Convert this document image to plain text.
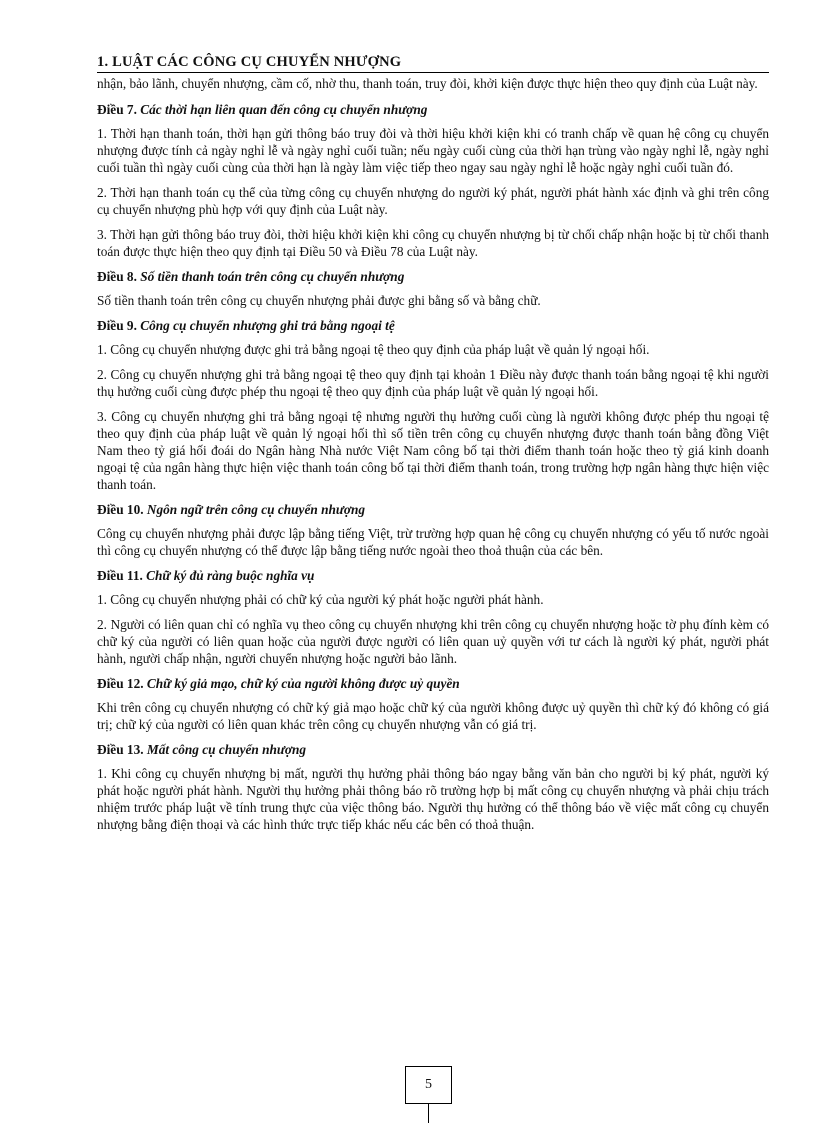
1. LUẬT CÁC CÔNG CỤ CHUYỂN NHƯỢNG

nhận, bảo lãnh, chuyển nhượng, cầm cố, nhờ thu, thanh toán, truy đòi, khởi kiện được thực hiện theo quy định của Luật này.

Điều 7. Các thời hạn liên quan đến công cụ chuyển nhượng

1. Thời hạn thanh toán, thời hạn gửi thông báo truy đòi và thời hiệu khởi kiện khi có tranh chấp về quan hệ công cụ chuyển nhượng được tính cả ngày nghỉ lễ và ngày nghỉ cuối tuần; nếu ngày cuối cùng của thời hạn trùng vào ngày nghỉ lễ, ngày nghỉ cuối tuần thì ngày cuối cùng của thời hạn là ngày làm việc tiếp theo ngay sau ngày nghỉ lễ hoặc ngày nghỉ cuối tuần đó.

2. Thời hạn thanh toán cụ thể của từng công cụ chuyển nhượng do người ký phát, người phát hành xác định và ghi trên công cụ chuyển nhượng phù hợp với quy định của Luật này.

3. Thời hạn gửi thông báo truy đòi, thời hiệu khởi kiện khi công cụ chuyển nhượng bị từ chối chấp nhận hoặc bị từ chối thanh toán được thực hiện theo quy định tại Điều 50 và Điều 78 của Luật này.

Điều 8. Số tiền thanh toán trên công cụ chuyển nhượng

Số tiền thanh toán trên công cụ chuyển nhượng phải được ghi bằng số và bằng chữ.

Điều 9. Công cụ chuyển nhượng ghi trả bằng ngoại tệ

1. Công cụ chuyển nhượng được ghi trả bằng ngoại tệ theo quy định của pháp luật về quản lý ngoại hối.

2. Công cụ chuyển nhượng ghi trả bằng ngoại tệ theo quy định tại khoản 1 Điều này được thanh toán bằng ngoại tệ khi người thụ hưởng cuối cùng được phép thu ngoại tệ theo quy định của pháp luật về quản lý ngoại hối.

3. Công cụ chuyển nhượng ghi trả bằng ngoại tệ nhưng người thụ hưởng cuối cùng là người không được phép thu ngoại tệ theo quy định của pháp luật về quản lý ngoại hối thì số tiền trên công cụ chuyển nhượng được thanh toán bằng đồng Việt Nam theo tỷ giá hối đoái do Ngân hàng Nhà nước Việt Nam công bố tại thời điểm thanh toán hoặc theo tỷ giá kinh doanh ngoại tệ của ngân hàng thực hiện việc thanh toán công bố tại thời điểm thanh toán, trong trường hợp ngân hàng thực hiện việc thanh toán.

Điều 10. Ngôn ngữ trên công cụ chuyển nhượng

Công cụ chuyển nhượng phải được lập bằng tiếng Việt, trừ trường hợp quan hệ công cụ chuyển nhượng có yếu tố nước ngoài thì công cụ chuyển nhượng có thể được lập bằng tiếng nước ngoài theo thoả thuận của các bên.

Điều 11. Chữ ký đủ ràng buộc nghĩa vụ

1. Công cụ chuyển nhượng phải có chữ ký của người ký phát hoặc người phát hành.

2. Người có liên quan chỉ có nghĩa vụ theo công cụ chuyển nhượng khi trên công cụ chuyển nhượng hoặc tờ phụ đính kèm có chữ ký của người có liên quan hoặc của người được người có liên quan uỷ quyền với tư cách là người ký phát, người phát hành, người chấp nhận, người chuyển nhượng hoặc người bảo lãnh.

Điều 12. Chữ ký giả mạo, chữ ký của người không được uỷ quyền

Khi trên công cụ chuyển nhượng có chữ ký giả mạo hoặc chữ ký của người không được uỷ quyền thì chữ ký đó không có giá trị; chữ ký của người có liên quan khác trên công cụ chuyển nhượng vẫn có giá trị.

Điều 13. Mất công cụ chuyển nhượng

1. Khi công cụ chuyển nhượng bị mất, người thụ hưởng phải thông báo ngay bằng văn bản cho người bị ký phát, người ký phát hoặc người phát hành. Người thụ hưởng phải thông báo rõ trường hợp bị mất công cụ chuyển nhượng và phải chịu trách nhiệm trước pháp luật về tính trung thực của việc thông báo. Người thụ hưởng có thể thông báo về việc mất công cụ chuyển nhượng bằng điện thoại và các hình thức trực tiếp khác nếu các bên có thoả thuận.

5
